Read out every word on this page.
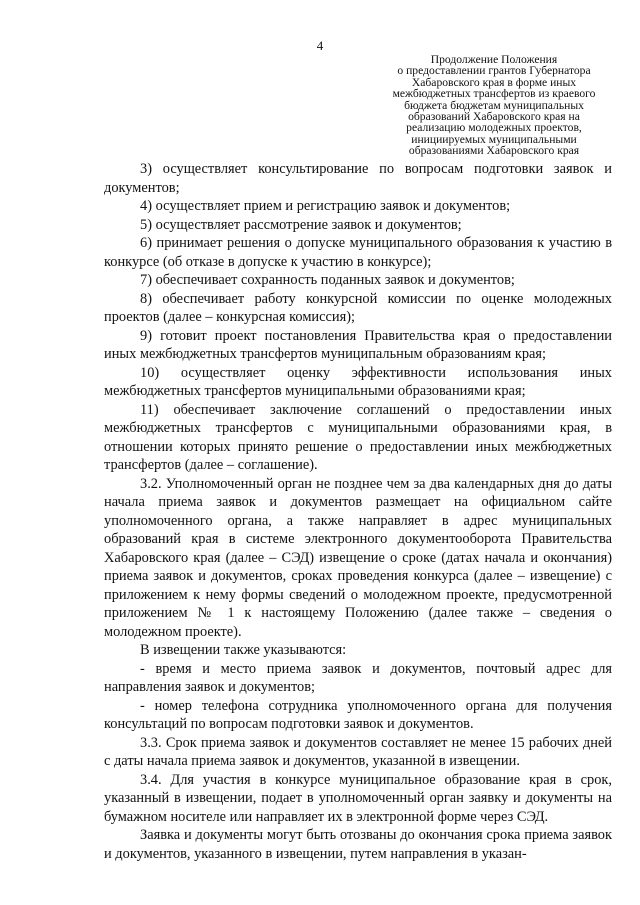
4
Продолжение Положения
о предоставлении грантов Губернатора
Хабаровского края в форме иных
межбюджетных трансфертов из краевого
бюджета бюджетам муниципальных
образований Хабаровского края на
реализацию молодежных проектов,
инициируемых муниципальными
образованиями Хабаровского края

3) осуществляет консультирование по вопросам подготовки заявок и документов;

4) осуществляет прием и регистрацию заявок и документов;

5) осуществляет рассмотрение заявок и документов;

6) принимает решения о допуске муниципального образования к участию в конкурсе (об отказе в допуске к участию в конкурсе);

7) обеспечивает сохранность поданных заявок и документов;

8) обеспечивает работу конкурсной комиссии по оценке молодежных проектов (далее – конкурсная комиссия);

9) готовит проект постановления Правительства края о предоставлении иных межбюджетных трансфертов муниципальным образованиям края;

10) осуществляет оценку эффективности использования иных межбюджетных трансфертов муниципальными образованиями края;

11) обеспечивает заключение соглашений о предоставлении иных межбюджетных трансфертов с муниципальными образованиями края, в отношении которых принято решение о предоставлении иных межбюджетных трансфертов (далее – соглашение).

3.2. Уполномоченный орган не позднее чем за два календарных дня до даты начала приема заявок и документов размещает на официальном сайте уполномоченного органа, а также направляет в адрес муниципальных образований края в системе электронного документооборота Правительства Хабаровского края (далее – СЭД) извещение о сроке (датах начала и окончания) приема заявок и документов, сроках проведения конкурса (далее – извещение) с приложением к нему формы сведений о молодежном проекте, предусмотренной приложением № 1 к настоящему Положению (далее также – сведения о молодежном проекте).

В извещении также указываются:

- время и место приема заявок и документов, почтовый адрес для направления заявок и документов;

- номер телефона сотрудника уполномоченного органа для получения консультаций по вопросам подготовки заявок и документов.

3.3. Срок приема заявок и документов составляет не менее 15 рабочих дней с даты начала приема заявок и документов, указанной в извещении.

3.4. Для участия в конкурсе муниципальное образование края в срок, указанный в извещении, подает в уполномоченный орган заявку и документы на бумажном носителе или направляет их в электронной форме через СЭД.

Заявка и документы могут быть отозваны до окончания срока приема заявок и документов, указанного в извещении, путем направления в указан-
